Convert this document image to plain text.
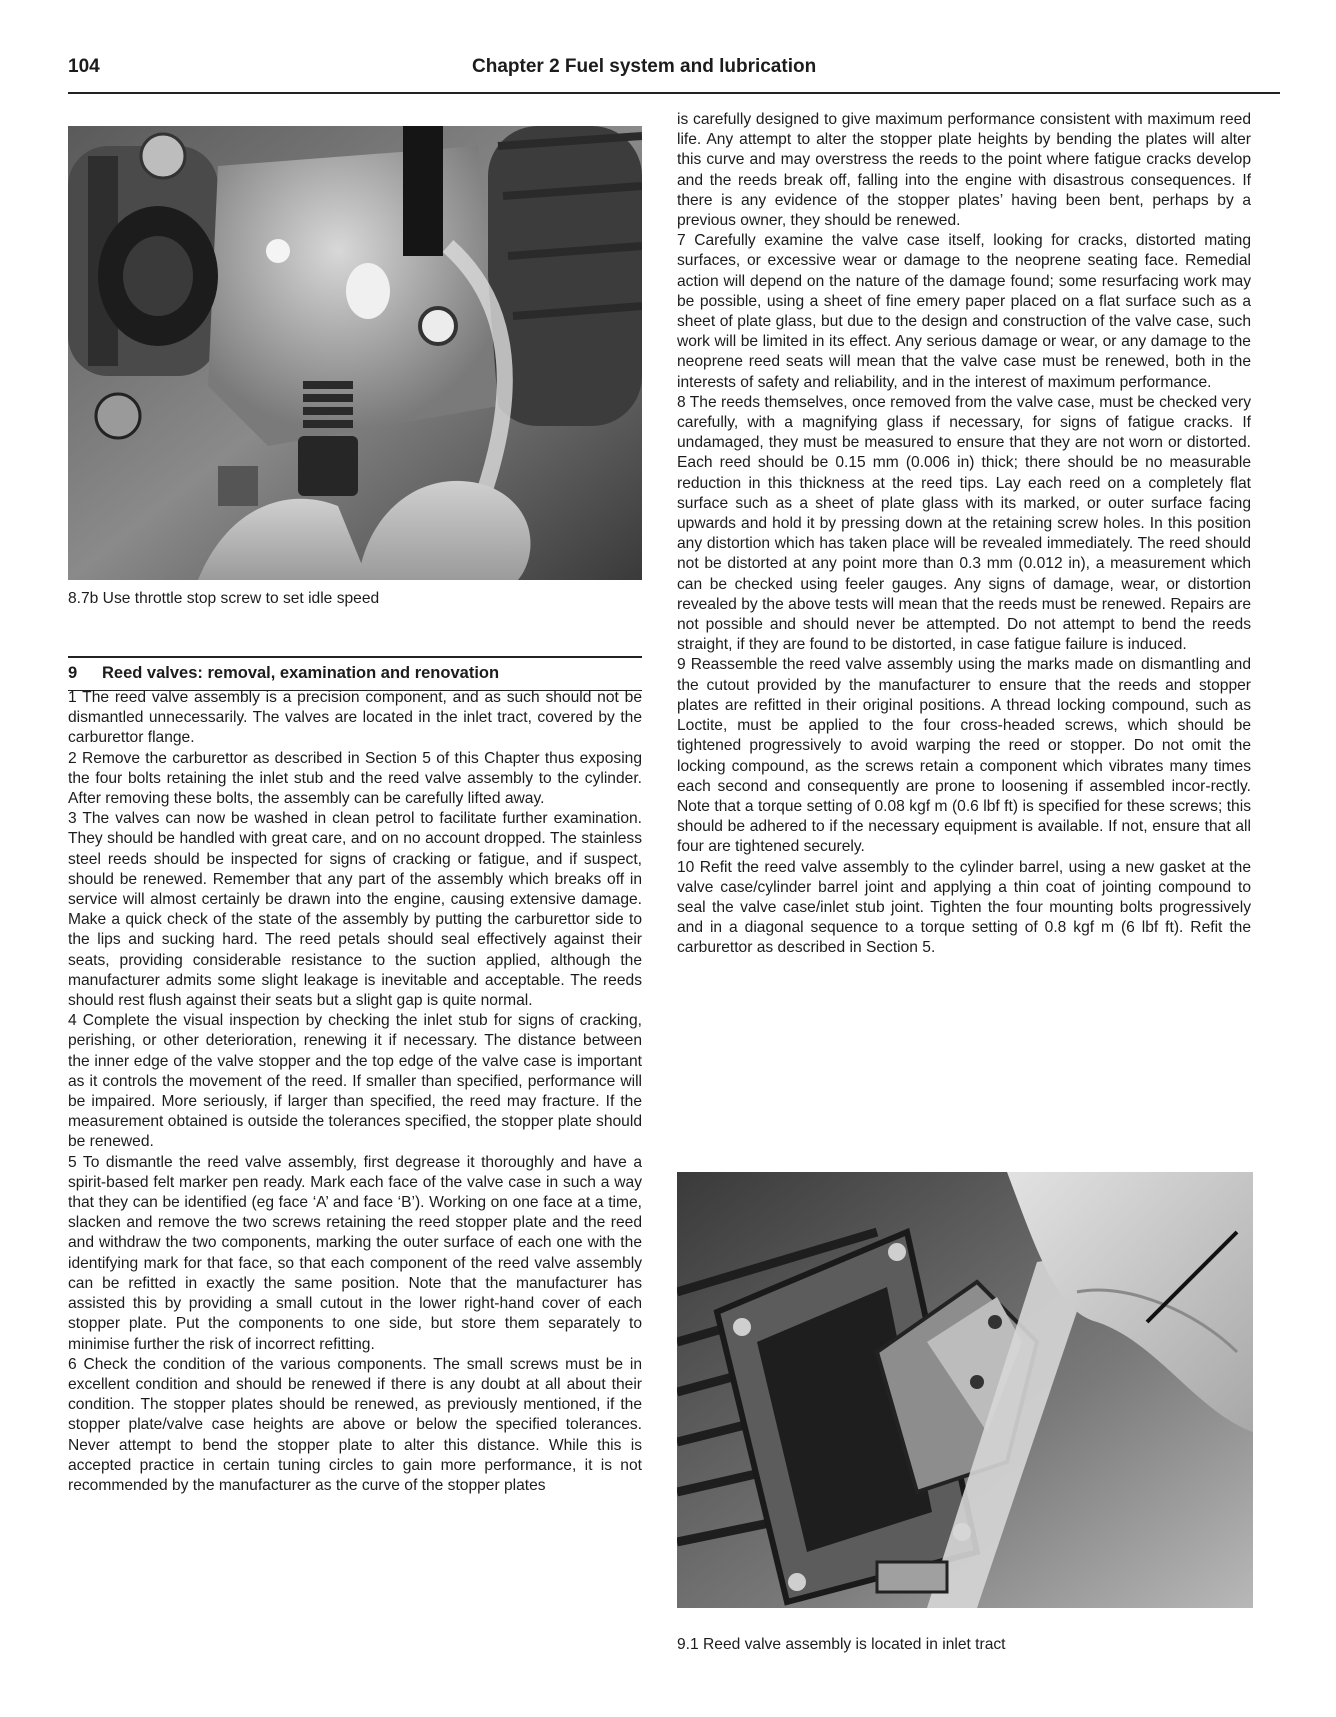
104	Chapter 2 Fuel system and lubrication
8.7b Use throttle stop screw to set idle speed
9 Reed valves: removal, examination and renovation

1 The reed valve assembly is a precision component, and as such should not be dismantled unnecessarily. The valves are located in the inlet tract, covered by the carburettor flange.

2 Remove the carburettor as described in Section 5 of this Chapter thus exposing the four bolts retaining the inlet stub and the reed valve assembly to the cylinder. After removing these bolts, the assembly can be carefully lifted away.

3 The valves can now be washed in clean petrol to facilitate further examination. They should be handled with great care, and on no account dropped. The stainless steel reeds should be inspected for signs of cracking or fatigue, and if suspect, should be renewed. Remember that any part of the assembly which breaks off in service will almost certainly be drawn into the engine, causing extensive damage. Make a quick check of the state of the assembly by putting the carburettor side to the lips and sucking hard. The reed petals should seal effectively against their seats, providing considerable resistance to the suction applied, although the manufacturer admits some slight leakage is inevitable and acceptable. The reeds should rest flush against their seats but a slight gap is quite normal.

4 Complete the visual inspection by checking the inlet stub for signs of cracking, perishing, or other deterioration, renewing it if necessary. The distance between the inner edge of the valve stopper and the top edge of the valve case is important as it controls the movement of the reed. If smaller than specified, performance will be impaired. More seriously, if larger than specified, the reed may fracture. If the measurement obtained is outside the tolerances specified, the stopper plate should be renewed.

5 To dismantle the reed valve assembly, first degrease it thoroughly and have a spirit-based felt marker pen ready. Mark each face of the valve case in such a way that they can be identified (eg face ‘A’ and face ‘B’). Working on one face at a time, slacken and remove the two screws retaining the reed stopper plate and the reed and withdraw the two components, marking the outer surface of each one with the identifying mark for that face, so that each component of the reed valve assembly can be refitted in exactly the same position. Note that the manufacturer has assisted this by providing a small cutout in the lower right-hand cover of each stopper plate. Put the components to one side, but store them separately to minimise further the risk of incorrect refitting.

6 Check the condition of the various components. The small screws must be in excellent condition and should be renewed if there is any doubt at all about their condition. The stopper plates should be renewed, as previously mentioned, if the stopper plate/valve case heights are above or below the specified tolerances. Never attempt to bend the stopper plate to alter this distance. While this is accepted practice in certain tuning circles to gain more performance, it is not recommended by the manufacturer as the curve of the stopper plates

is carefully designed to give maximum performance consistent with maximum reed life. Any attempt to alter the stopper plate heights by bending the plates will alter this curve and may overstress the reeds to the point where fatigue cracks develop and the reeds break off, falling into the engine with disastrous consequences. If there is any evidence of the stopper plates’ having been bent, perhaps by a previous owner, they should be renewed.

7 Carefully examine the valve case itself, looking for cracks, distorted mating surfaces, or excessive wear or damage to the neoprene seating face. Remedial action will depend on the nature of the damage found; some resurfacing work may be possible, using a sheet of fine emery paper placed on a flat surface such as a sheet of plate glass, but due to the design and construction of the valve case, such work will be limited in its effect. Any serious damage or wear, or any damage to the neoprene reed seats will mean that the valve case must be renewed, both in the interests of safety and reliability, and in the interest of maximum performance.

8 The reeds themselves, once removed from the valve case, must be checked very carefully, with a magnifying glass if necessary, for signs of fatigue cracks. If undamaged, they must be measured to ensure that they are not worn or distorted. Each reed should be 0.15 mm (0.006 in) thick; there should be no measurable reduction in this thickness at the reed tips. Lay each reed on a completely flat surface such as a sheet of plate glass with its marked, or outer surface facing upwards and hold it by pressing down at the retaining screw holes. In this position any distortion which has taken place will be revealed immediately. The reed should not be distorted at any point more than 0.3 mm (0.012 in), a measurement which can be checked using feeler gauges. Any signs of damage, wear, or distortion revealed by the above tests will mean that the reeds must be renewed. Repairs are not possible and should never be attempted. Do not attempt to bend the reeds straight, if they are found to be distorted, in case fatigue failure is induced.

9 Reassemble the reed valve assembly using the marks made on dismantling and the cutout provided by the manufacturer to ensure that the reeds and stopper plates are refitted in their original positions. A thread locking compound, such as Loctite, must be applied to the four cross-headed screws, which should be tightened progressively to avoid warping the reed or stopper. Do not omit the locking compound, as the screws retain a component which vibrates many times each second and consequently are prone to loosening if assembled incor-rectly. Note that a torque setting of 0.08 kgf m (0.6 lbf ft) is specified for these screws; this should be adhered to if the necessary equipment is available. If not, ensure that all four are tightened securely.

10 Refit the reed valve assembly to the cylinder barrel, using a new gasket at the valve case/cylinder barrel joint and applying a thin coat of jointing compound to seal the valve case/inlet stub joint. Tighten the four mounting bolts progressively and in a diagonal sequence to a torque setting of 0.8 kgf m (6 lbf ft). Refit the carburettor as described in Section 5.

9.1 Reed valve assembly is located in inlet tract
